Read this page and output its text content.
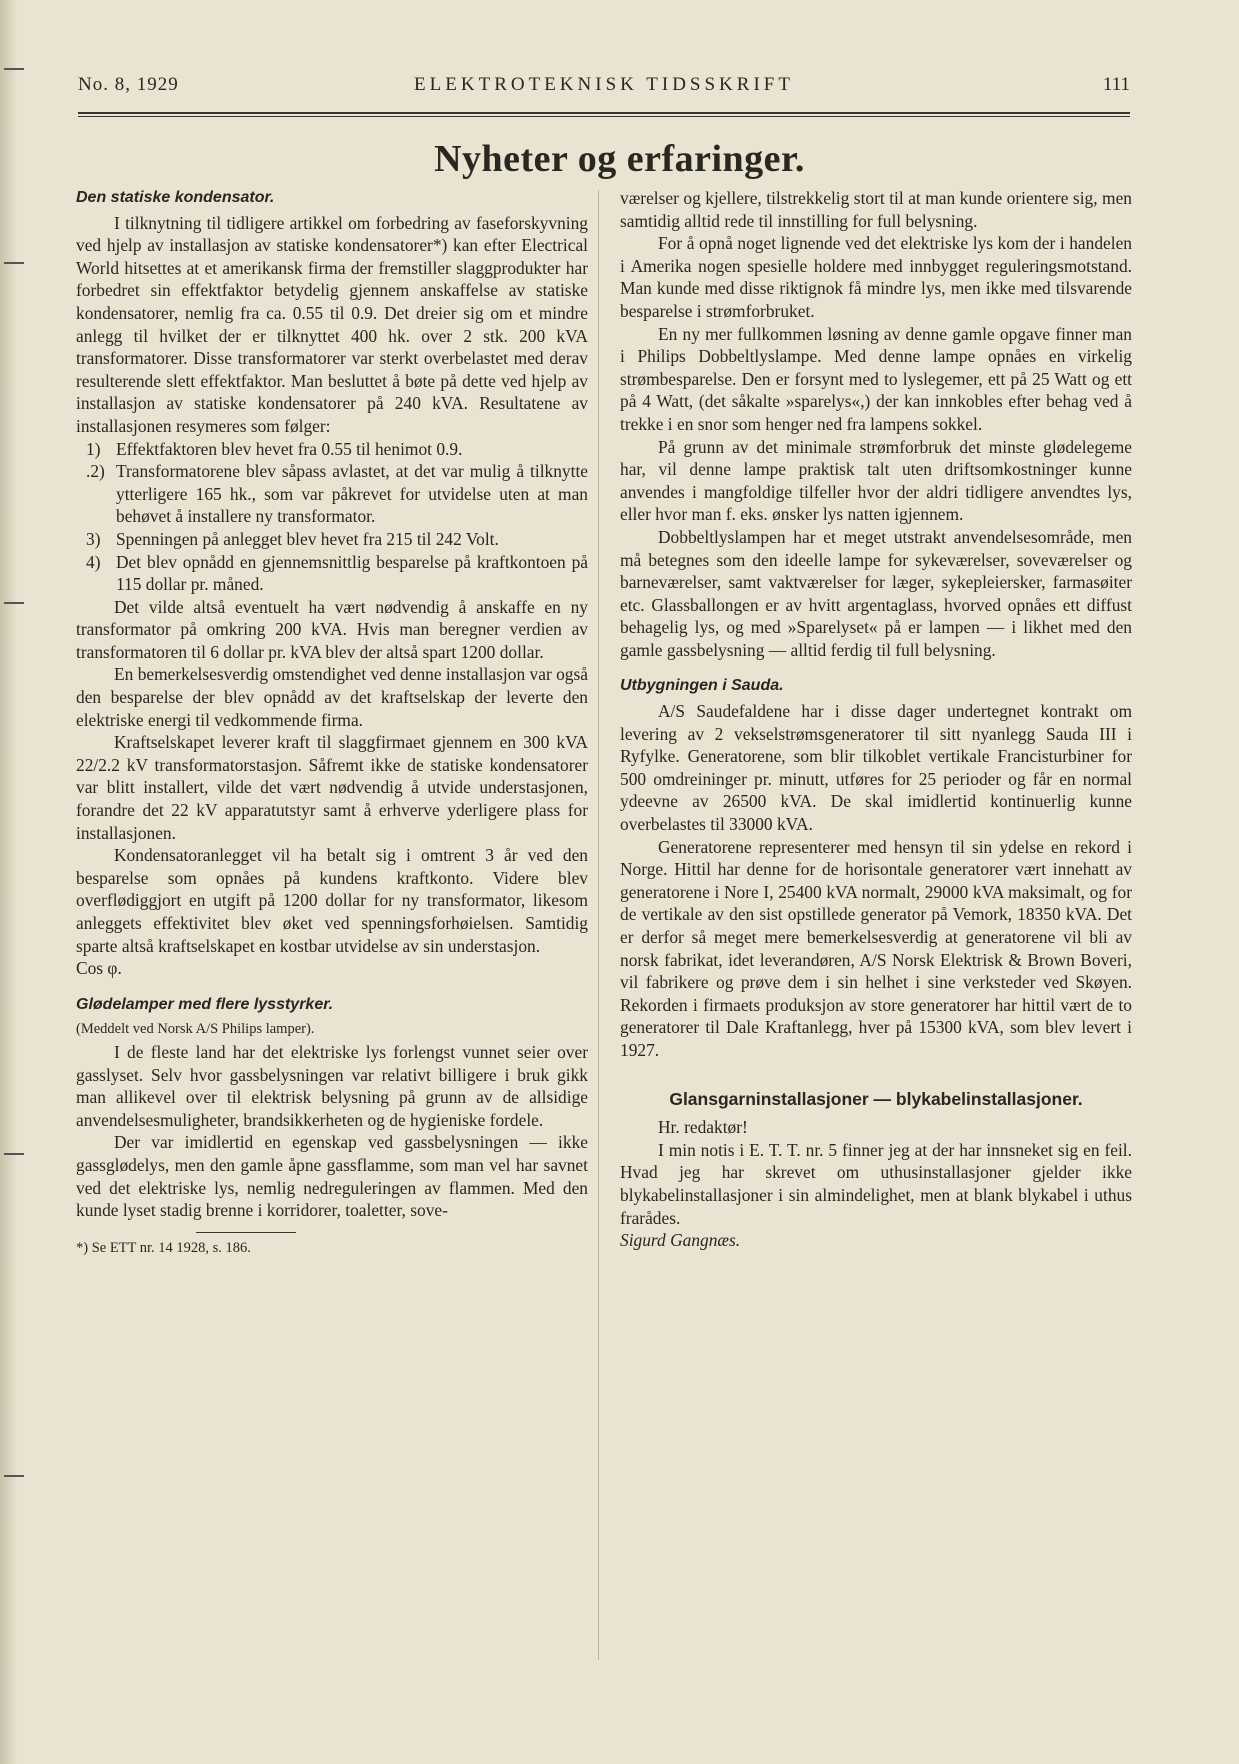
No. 8, 1929	ELEKTROTEKNISK TIDSSKRIFT	111
Nyheter og erfaringer.
Den statiske kondensator.

I tilknytning til tidligere artikkel om forbedring av faseforskyvning ved hjelp av installasjon av statiske kondensatorer*) kan efter Electrical World hitsettes at et amerikansk firma der fremstiller slaggprodukter har forbedret sin effektfaktor betydelig gjennem anskaffelse av statiske kondensatorer, nemlig fra ca. 0.55 til 0.9. Det dreier sig om et mindre anlegg til hvilket der er tilknyttet 400 hk. over 2 stk. 200 kVA transformatorer. Disse transformatorer var sterkt overbelastet med derav resulterende slett effektfaktor. Man besluttet å bøte på dette ved hjelp av installasjon av statiske kondensatorer på 240 kVA. Resultatene av installasjonen resymeres som følger:

1) Effektfaktoren blev hevet fra 0.55 til henimot 0.9.
.2) Transformatorene blev såpass avlastet, at det var mulig å tilknytte ytterligere 165 hk., som var påkrevet for utvidelse uten at man behøvet å installere ny transformator.
3) Spenningen på anlegget blev hevet fra 215 til 242 Volt.
4) Det blev opnådd en gjennemsnittlig besparelse på kraftkontoen på 115 dollar pr. måned.

Det vilde altså eventuelt ha vært nødvendig å anskaffe en ny transformator på omkring 200 kVA. Hvis man beregner verdien av transformatoren til 6 dollar pr. kVA blev der altså spart 1200 dollar.

En bemerkelsesverdig omstendighet ved denne installasjon var også den besparelse der blev opnådd av det kraftselskap der leverte den elektriske energi til vedkommende firma.

Kraftselskapet leverer kraft til slaggfirmaet gjennem en 300 kVA 22/2.2 kV transformatorstasjon. Såfremt ikke de statiske kondensatorer var blitt installert, vilde det vært nødvendig å utvide understasjonen, forandre det 22 kV apparatutstyr samt å erhverve yderligere plass for installasjonen.

Kondensatoranlegget vil ha betalt sig i omtrent 3 år ved den besparelse som opnåes på kundens kraftkonto. Videre blev overflødiggjort en utgift på 1200 dollar for ny transformator, likesom anleggets effektivitet blev øket ved spenningsforhøielsen. Samtidig sparte altså kraftselskapet en kostbar utvidelse av sin understasjon.

Cos φ.

Glødelamper med flere lysstyrker.

(Meddelt ved Norsk A/S Philips lamper).

I de fleste land har det elektriske lys forlengst vunnet seier over gasslyset. Selv hvor gassbelysningen var relativt billigere i bruk gikk man allikevel over til elektrisk belysning på grunn av de allsidige anvendelsesmuligheter, brandsikkerheten og de hygieniske fordele.

Der var imidlertid en egenskap ved gassbelysningen — ikke gassglødelys, men den gamle åpne gassflamme, som man vel har savnet ved det elektriske lys, nemlig nedreguleringen av flammen. Med den kunde lyset stadig brenne i korridorer, toaletter, sove-

*) Se ETT nr. 14 1928, s. 186.

værelser og kjellere, tilstrekkelig stort til at man kunde orientere sig, men samtidig alltid rede til innstilling for full belysning.

For å opnå noget lignende ved det elektriske lys kom der i handelen i Amerika nogen spesielle holdere med innbygget reguleringsmotstand. Man kunde med disse riktignok få mindre lys, men ikke med tilsvarende besparelse i strømforbruket.

En ny mer fullkommen løsning av denne gamle opgave finner man i Philips Dobbeltlyslampe. Med denne lampe opnåes en virkelig strømbesparelse. Den er forsynt med to lyslegemer, ett på 25 Watt og ett på 4 Watt, (det såkalte »sparelys«,) der kan innkobles efter behag ved å trekke i en snor som henger ned fra lampens sokkel.

På grunn av det minimale strømforbruk det minste glødelegeme har, vil denne lampe praktisk talt uten driftsomkostninger kunne anvendes i mangfoldige tilfeller hvor der aldri tidligere anvendtes lys, eller hvor man f. eks. ønsker lys natten igjennem.

Dobbeltlyslampen har et meget utstrakt anvendelsesområde, men må betegnes som den ideelle lampe for sykeværelser, soveværelser og barneværelser, samt vaktværelser for læger, sykepleiersker, farmasøiter etc. Glassballongen er av hvitt argentaglass, hvorved opnåes ett diffust behagelig lys, og med »Sparelyset« på er lampen — i likhet med den gamle gassbelysning — alltid ferdig til full belysning.

Utbygningen i Sauda.

A/S Saudefaldene har i disse dager undertegnet kontrakt om levering av 2 vekselstrømsgeneratorer til sitt nyanlegg Sauda III i Ryfylke. Generatorene, som blir tilkoblet vertikale Francisturbiner for 500 omdreininger pr. minutt, utføres for 25 perioder og får en normal ydeevne av 26500 kVA. De skal imidlertid kontinuerlig kunne overbelastes til 33000 kVA.

Generatorene representerer med hensyn til sin ydelse en rekord i Norge. Hittil har denne for de horisontale generatorer vært innehatt av generatorene i Nore I, 25400 kVA normalt, 29000 kVA maksimalt, og for de vertikale av den sist opstillede generator på Vemork, 18350 kVA. Det er derfor så meget mere bemerkelsesverdig at generatorene vil bli av norsk fabrikat, idet leverandøren, A/S Norsk Elektrisk & Brown Boveri, vil fabrikere og prøve dem i sin helhet i sine verksteder ved Skøyen. Rekorden i firmaets produksjon av store generatorer har hittil vært de to generatorer til Dale Kraftanlegg, hver på 15300 kVA, som blev levert i 1927.

Glansgarninstallasjoner — blykabelinstallasjoner.

Hr. redaktør!

I min notis i E. T. T. nr. 5 finner jeg at der har innsneket sig en feil. Hvad jeg har skrevet om uthusinstallasjoner gjelder ikke blykabelinstallasjoner i sin almindelighet, men at blank blykabel i uthus frarådes.

Sigurd Gangnæs.
